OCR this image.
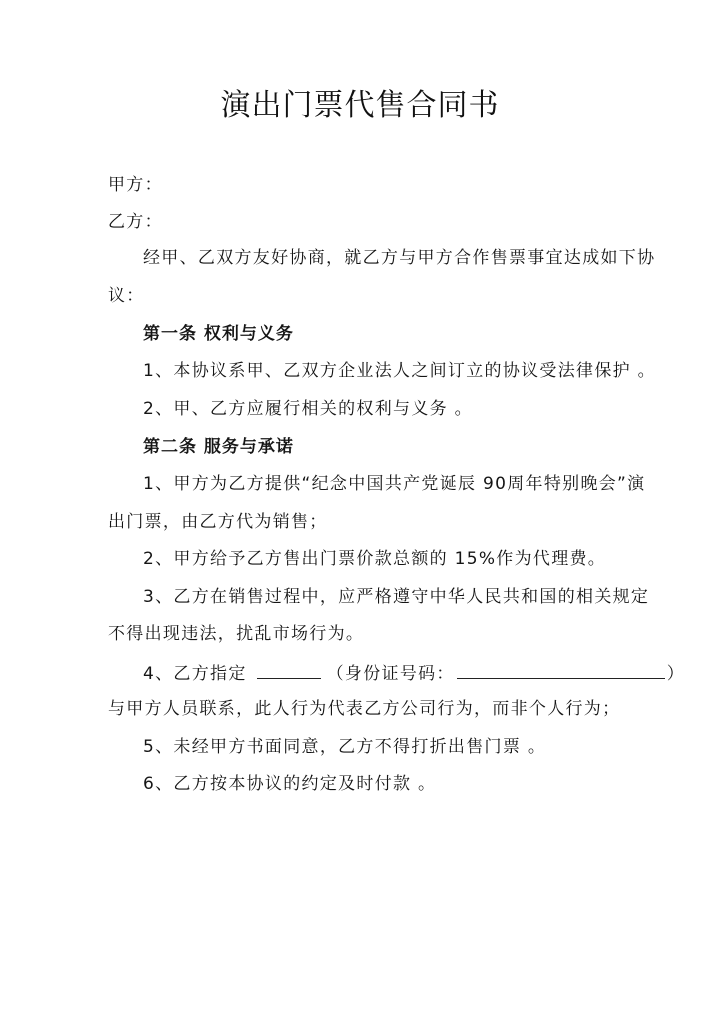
演出门票代售合同书
甲方：
乙方：
经甲、乙双方友好协商，就乙方与甲方合作售票事宜达成如下协
议：
第一条 权利与义务
1、本协议系甲、乙双方企业法人之间订立的协议受法律保护 。
2、甲、乙方应履行相关的权利与义务 。
第二条 服务与承诺
1、甲方为乙方提供“纪念中国共产党诞辰 90周年特别晚会”演
出门票，由乙方代为销售；
2、甲方给予乙方售出门票价款总额的 15%作为代理费。
3、乙方在销售过程中，应严格遵守中华人民共和国的相关规定
不得出现违法，扰乱市场行为。
4、乙方指定	（身份证号码：	）
与甲方人员联系，此人行为代表乙方公司行为，而非个人行为；
5、未经甲方书面同意，乙方不得打折出售门票 。
6、乙方按本协议的约定及时付款 。
